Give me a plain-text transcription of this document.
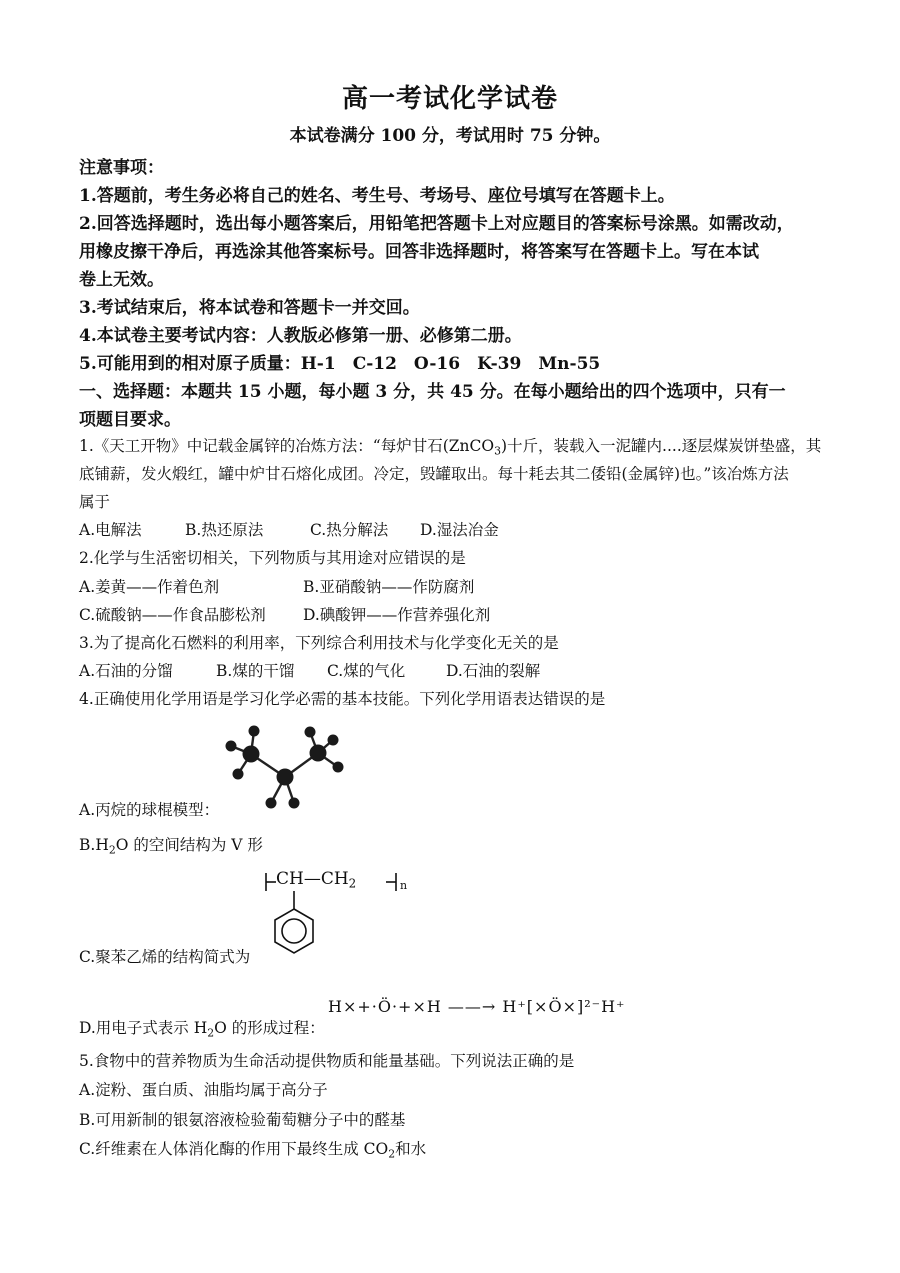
高一考试化学试卷
本试卷满分 100 分，考试用时 75 分钟。
注意事项：
1.答题前，考生务必将自己的姓名、考生号、考场号、座位号填写在答题卡上。
2.回答选择题时，选出每小题答案后，用铅笔把答题卡上对应题目的答案标号涂黑。如需改动，
用橡皮擦干净后，再选涂其他答案标号。回答非选择题时，将答案写在答题卡上。写在本试
卷上无效。
3.考试结束后，将本试卷和答题卡一并交回。
4.本试卷主要考试内容：人教版必修第一册、必修第二册。
5.可能用到的相对原子质量：H-1　C-12　O-16　K-39　Mn-55
一、选择题：本题共 15 小题，每小题 3 分，共 45 分。在每小题给出的四个选项中，只有一
项题目要求。
1.《天工开物》中记载金属锌的冶炼方法：“每炉甘石(ZnCO$_3$)十斤，装载入一泥罐内....逐层煤炭饼垫盛，其
底铺薪，发火煅红，罐中炉甘石熔化成团。冷定，毁罐取出。每十耗去其二倭铅(金属锌)也。”该冶炼方法
属于
A.电解法	B.热还原法	C.热分解法 D.湿法冶金
2.化学与生活密切相关，下列物质与其用途对应错误的是
A.姜黄——作着色剂	B.亚硝酸钠——作防腐剂
C.硫酸钠——作食品膨松剂 D.碘酸钾——作营养强化剂
3.为了提高化石燃料的利用率，下列综合利用技术与化学变化无关的是
A.石油的分馏	B.煤的干馏 C.煤的气化	D.石油的裂解
4.正确使用化学用语是学习化学必需的基本技能。下列化学用语表达错误的是
A.丙烷的球棍模型：
$B.H_2O$ 的空间结构为 V 形
$CH—CH_2$	n
C.聚苯乙烯的结构简式为
D.用电子式表示 $H_2O$ 的形成过程：
H×+·Ö·+×H ——→ H⁺[×Ö×]²⁻H⁺
5.食物中的营养物质为生命活动提供物质和能量基础。下列说法正确的是
A.淀粉、蛋白质、油脂均属于高分子
B.可用新制的银氨溶液检验葡萄糖分子中的醛基
C.纤维素在人体消化酶的作用下最终生成 $CO_2$和水
